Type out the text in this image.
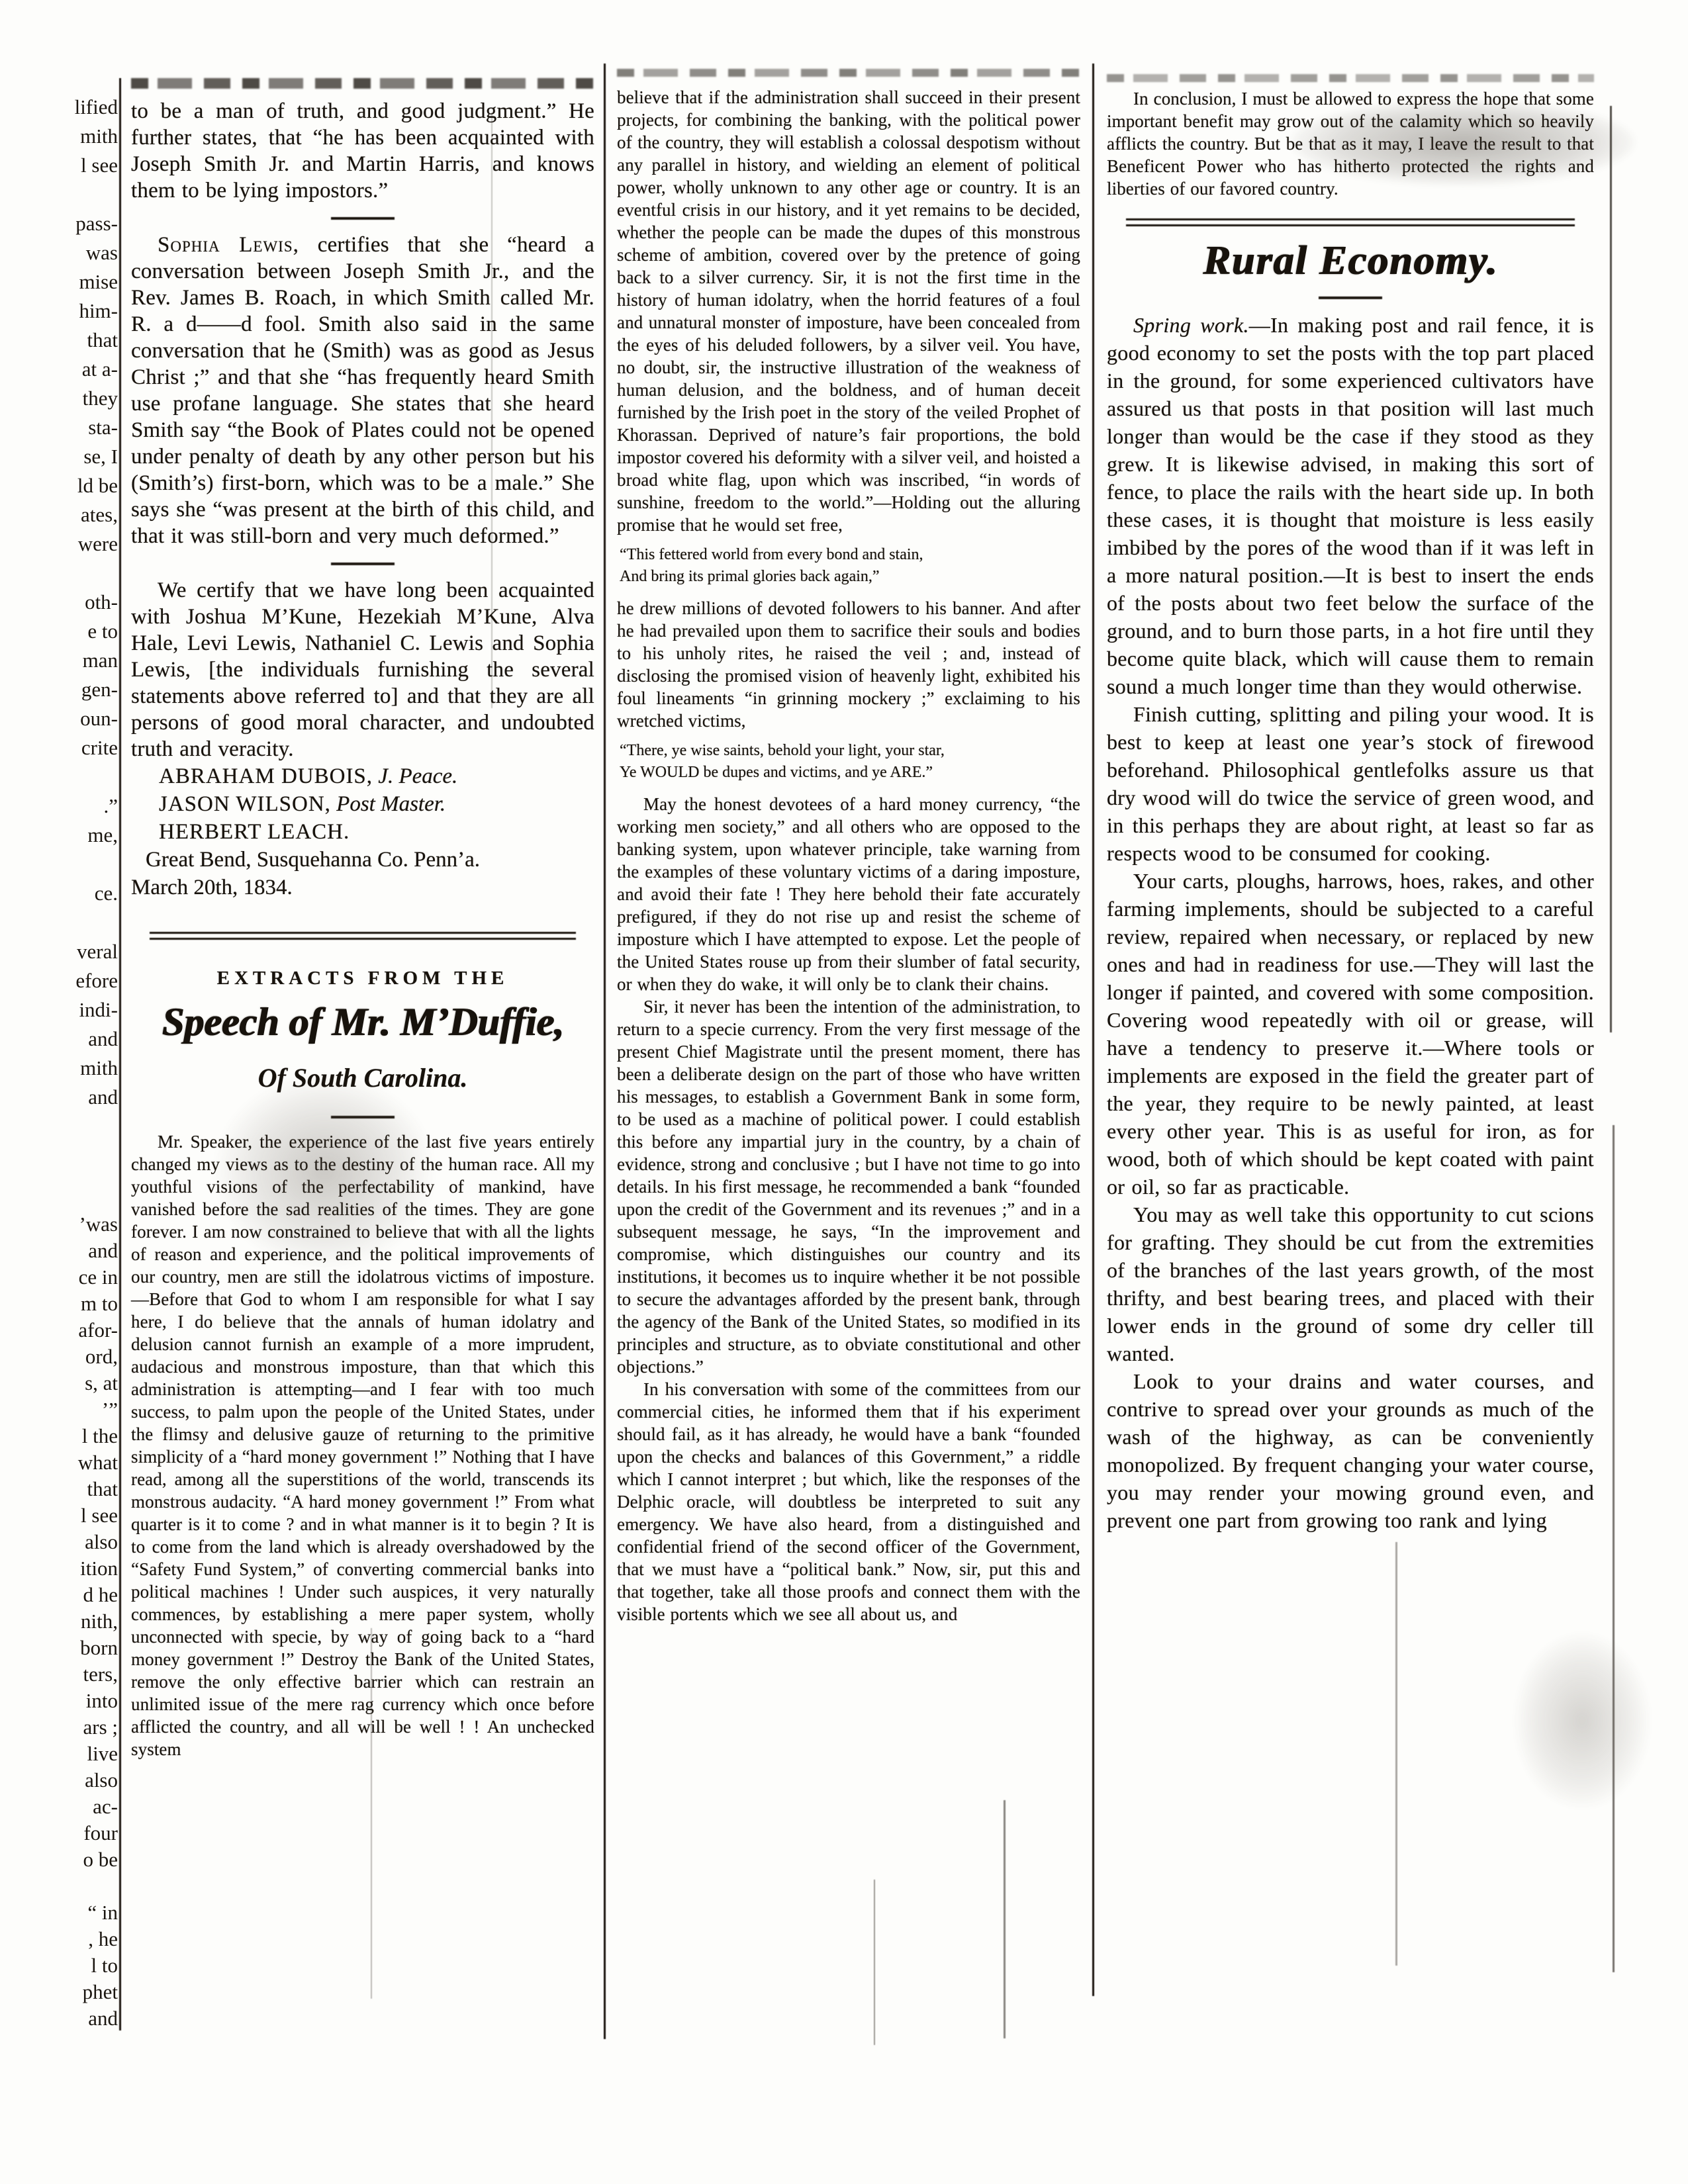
lified
mith
l see
pass-
was
mise
him-
that
at a-
they
sta-
se, I
ld be
ates,
were
oth-
e to
man
gen-
oun-
crite
.”
me,
ce.
veral
efore
indi-
and
mith
and
’was
and
ce in
m to
afor-
ord,
s, at
’”
l the
what
that
l see
also
ition
d he
nith,
born
ters,
into
ars ;
live
also
ac-
four
o be
“ in
, he
l to
phet
and

to be a man of truth, and good judgment.” He further states, that “he has been acquainted with Joseph Smith Jr. and Martin Harris, and knows them to be lying impostors.”

Sophia Lewis, certifies that she “heard a conversation between Joseph Smith Jr., and the Rev. James B. Roach, in which Smith called Mr. R. a d——d fool. Smith also said in the same conversation that he (Smith) was as good as Jesus Christ ;” and that she “has frequently heard Smith use profane language. She states that she heard Smith say “the Book of Plates could not be opened under penalty of death by any other person but his (Smith’s) first-born, which was to be a male.” She says she “was present at the birth of this child, and that it was still-born and very much deformed.”

We certify that we have long been acquainted with Joshua M’Kune, Hezekiah M’Kune, Alva Hale, Levi Lewis, Nathaniel C. Lewis and Sophia Lewis, [the individuals furnishing the several statements above referred to] and that they are all persons of good moral character, and undoubted truth and veracity.

ABRAHAM DUBOIS, J. Peace.
JASON WILSON, Post Master.
HERBERT LEACH.
Great Bend, Susquehanna Co. Penn’a.
March 20th, 1834.
EXTRACTS FROM THE
Speech of Mr. M’Duffie,
Of South Carolina.

Mr. Speaker, the experience of the last five years entirely changed my views as to the destiny of the human race. All my youthful visions of the perfectability of mankind, have vanished before the sad realities of the times. They are gone forever. I am now constrained to believe that with all the lights of reason and experience, and the political improvements of our country, men are still the idolatrous victims of imposture.—Before that God to whom I am responsible for what I say here, I do believe that the annals of human idolatry and delusion cannot furnish an example of a more imprudent, audacious and monstrous imposture, than that which this administration is attempting—and I fear with too much success, to palm upon the people of the United States, under the flimsy and delusive gauze of returning to the primitive simplicity of a “hard money government !” Nothing that I have read, among all the superstitions of the world, transcends its monstrous audacity. “A hard money government !” From what quarter is it to come ? and in what manner is it to begin ? It is to come from the land which is already overshadowed by the “Safety Fund System,” of converting commercial banks into political machines ! Under such auspices, it very naturally commences, by establishing a mere paper system, wholly unconnected with specie, by way of going back to a “hard money government !” Destroy the Bank of the United States, remove the only effective barrier which can restrain an unlimited issue of the mere rag currency which once before afflicted the country, and all will be well ! ! An unchecked system

believe that if the administration shall succeed in their present projects, for combining the banking, with the political power of the country, they will establish a colossal despotism without any parallel in history, and wielding an element of political power, wholly unknown to any other age or country. It is an eventful crisis in our history, and it yet remains to be decided, whether the people can be made the dupes of this monstrous scheme of ambition, covered over by the pretence of going back to a silver currency. Sir, it is not the first time in the history of human idolatry, when the horrid features of a foul and unnatural monster of imposture, have been concealed from the eyes of his deluded followers, by a silver veil. You have, no doubt, sir, the instructive illustration of the weakness of human delusion, and the boldness, and of human deceit furnished by the Irish poet in the story of the veiled Prophet of Khorassan. Deprived of nature’s fair proportions, the bold impostor covered his deformity with a silver veil, and hoisted a broad white flag, upon which was inscribed, “in words of sunshine, freedom to the world.”—Holding out the alluring promise that he would set free,

“This fettered world from every bond and stain,
And bring its primal glories back again,”

he drew millions of devoted followers to his banner. And after he had prevailed upon them to sacrifice their souls and bodies to his unholy rites, he raised the veil ; and, instead of disclosing the promised vision of heavenly light, exhibited his foul lineaments “in grinning mockery ;” exclaiming to his wretched victims,

“There, ye wise saints, behold your light, your star,
Ye WOULD be dupes and victims, and ye ARE.”

May the honest devotees of a hard money currency, “the working men society,” and all others who are opposed to the banking system, upon whatever principle, take warning from the examples of these voluntary victims of a daring imposture, and avoid their fate ! They here behold their fate accurately prefigured, if they do not rise up and resist the scheme of imposture which I have attempted to expose. Let the people of the United States rouse up from their slumber of fatal security, or when they do wake, it will only be to clank their chains.

Sir, it never has been the intention of the administration, to return to a specie currency. From the very first message of the present Chief Magistrate until the present moment, there has been a deliberate design on the part of those who have written his messages, to establish a Government Bank in some form, to be used as a machine of political power. I could establish this before any impartial jury in the country, by a chain of evidence, strong and conclusive ; but I have not time to go into details. In his first message, he recommended a bank “founded upon the credit of the Government and its revenues ;” and in a subsequent message, he says, “In the improvement and compromise, which distinguishes our country and its institutions, it becomes us to inquire whether it be not possible to secure the advantages afforded by the present bank, through the agency of the Bank of the United States, so modified in its principles and structure, as to obviate constitutional and other objections.”

In his conversation with some of the committees from our commercial cities, he informed them that if his experiment should fail, as it has already, he would have a bank “founded upon the checks and balances of this Government,” a riddle which I cannot interpret ; but which, like the responses of the Delphic oracle, will doubtless be interpreted to suit any emergency. We have also heard, from a distinguished and confidential friend of the second officer of the Government, that we must have a “political bank.” Now, sir, put this and that together, take all those proofs and connect them with the visible portents which we see all about us, and

In conclusion, I must be allowed to express the hope that some important benefit may grow out of the calamity which so heavily afflicts the country. But be that as it may, I leave the result to that Beneficent Power who has hitherto protected the rights and liberties of our favored country.

Rural Economy.

Spring work.—In making post and rail fence, it is good economy to set the posts with the top part placed in the ground, for some experienced cultivators have assured us that posts in that position will last much longer than would be the case if they stood as they grew. It is likewise advised, in making this sort of fence, to place the rails with the heart side up. In both these cases, it is thought that moisture is less easily imbibed by the pores of the wood than if it was left in a more natural position.—It is best to insert the ends of the posts about two feet below the surface of the ground, and to burn those parts, in a hot fire until they become quite black, which will cause them to remain sound a much longer time than they would otherwise.

Finish cutting, splitting and piling your wood. It is best to keep at least one year’s stock of firewood beforehand. Philosophical gentlefolks assure us that dry wood will do twice the service of green wood, and in this perhaps they are about right, at least so far as respects wood to be consumed for cooking.

Your carts, ploughs, harrows, hoes, rakes, and other farming implements, should be subjected to a careful review, repaired when necessary, or replaced by new ones and had in readiness for use.—They will last the longer if painted, and covered with some composition. Covering wood repeatedly with oil or grease, will have a tendency to preserve it.—Where tools or implements are exposed in the field the greater part of the year, they require to be newly painted, at least every other year. This is as useful for iron, as for wood, both of which should be kept coated with paint or oil, so far as practicable.

You may as well take this opportunity to cut scions for grafting. They should be cut from the extremities of the branches of the last years growth, of the most thrifty, and best bearing trees, and placed with their lower ends in the ground of some dry celler till wanted.

Look to your drains and water courses, and contrive to spread over your grounds as much of the wash of the highway, as can be conveniently monopolized. By frequent changing your water course, you may render your mowing ground even, and prevent one part from growing too rank and lying
